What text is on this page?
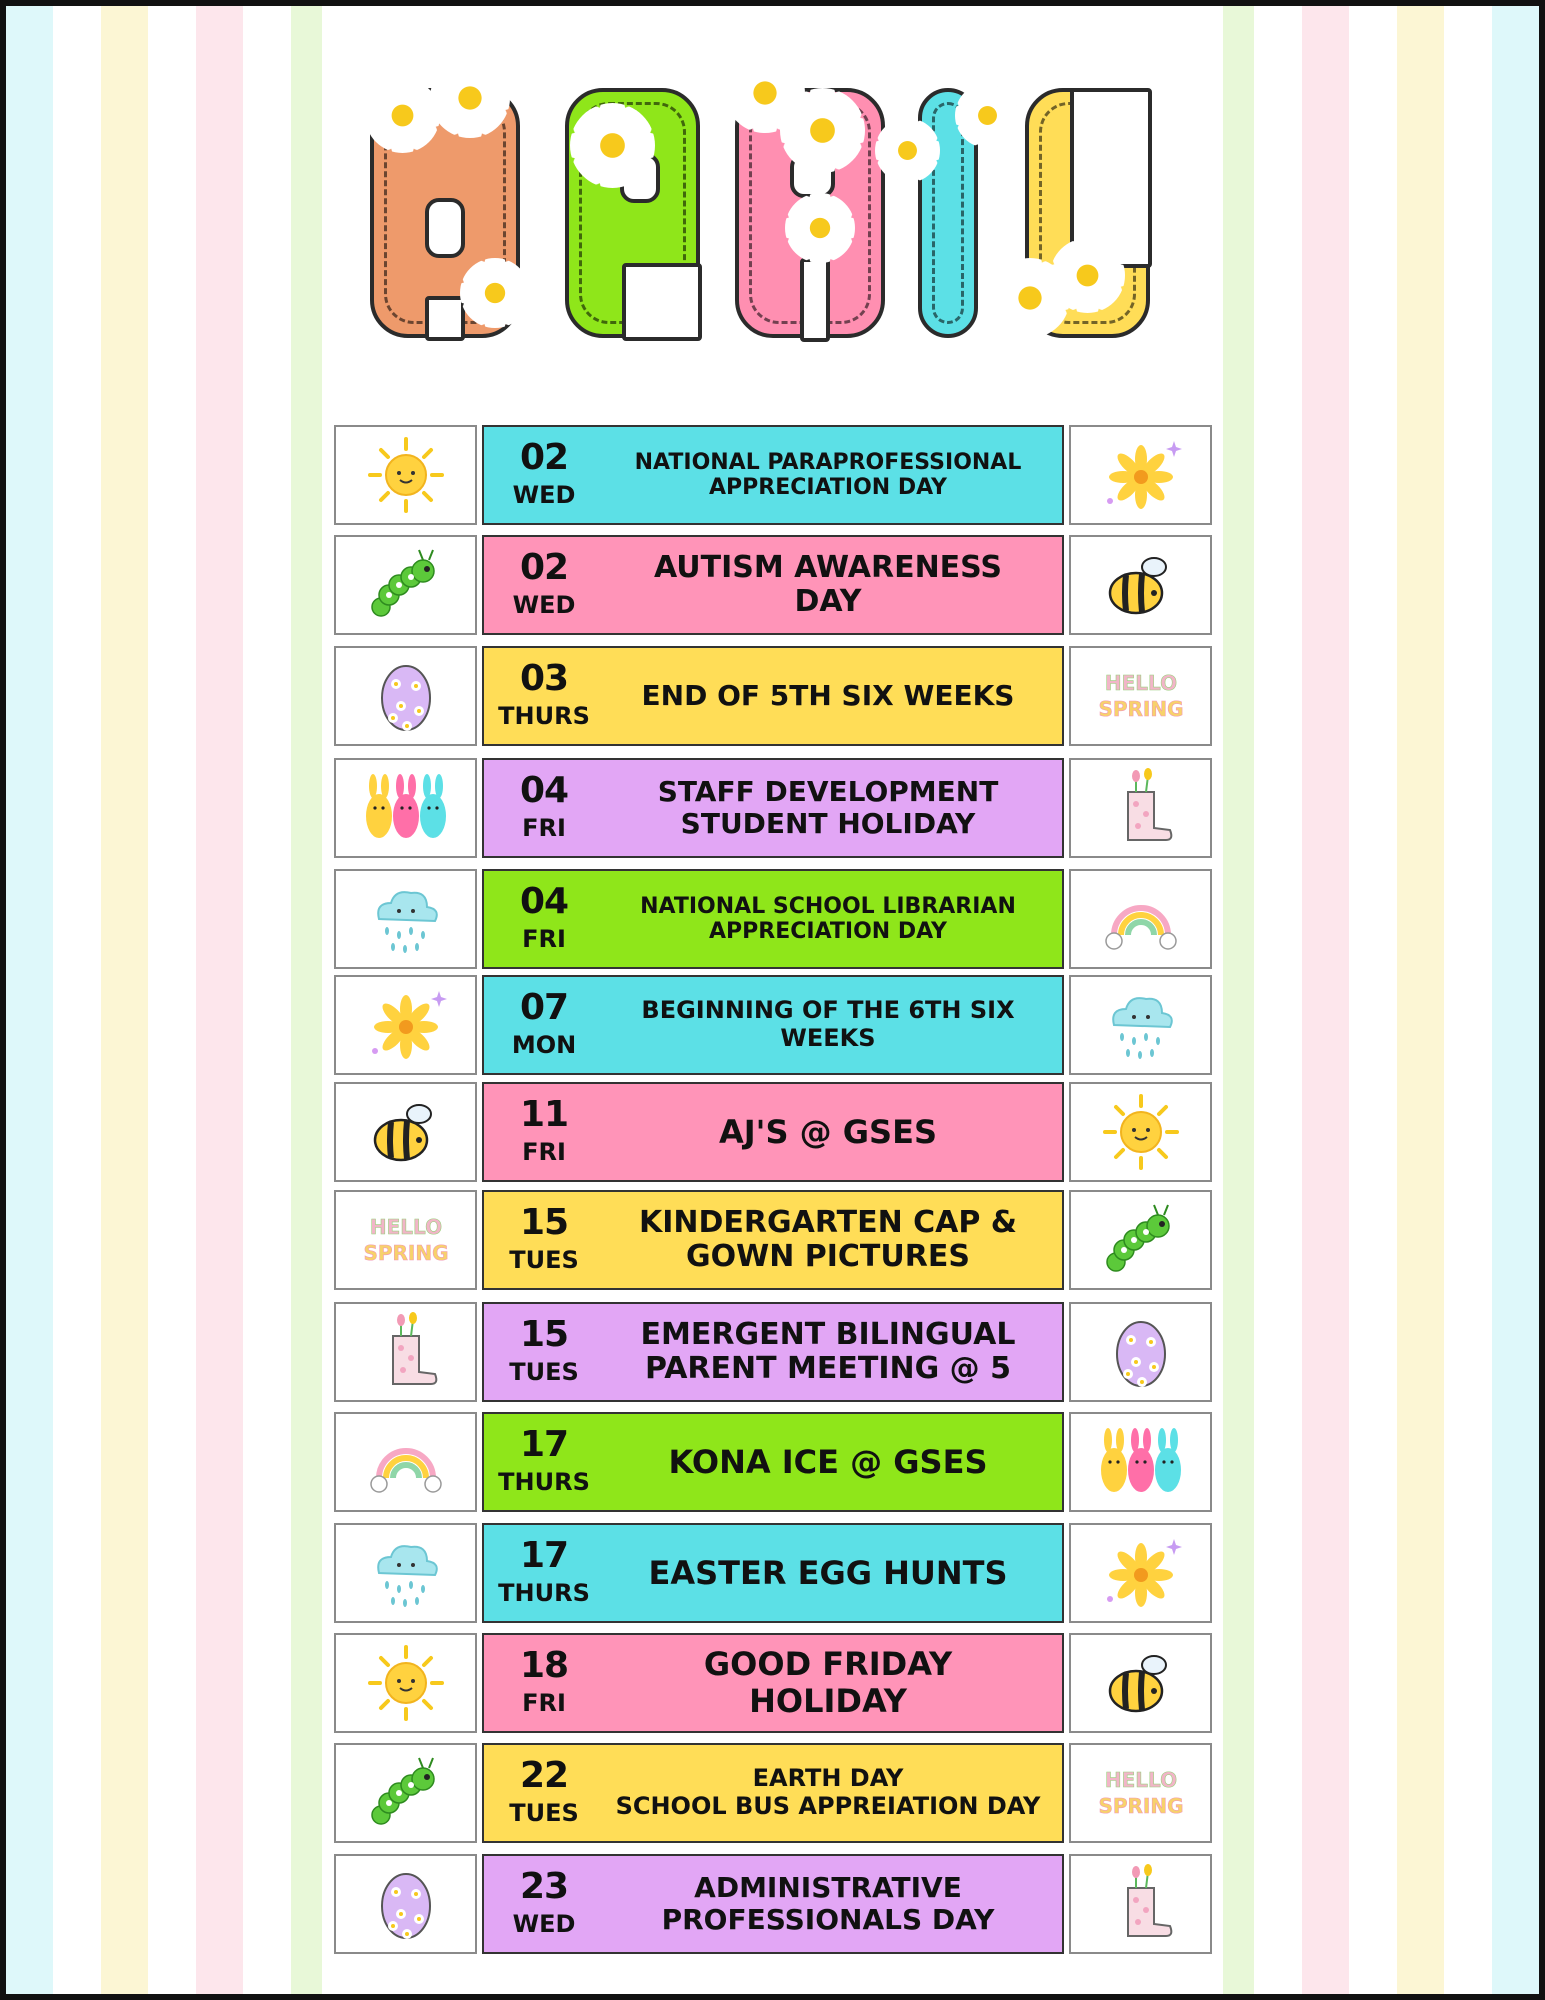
02
WED
NATIONAL PARAPROFESSIONAL
APPRECIATION DAY
02
WED
AUTISM AWARENESS
DAY
03
THURS
END OF 5TH SIX WEEKS	HELLO
SPRING
04
FRI
STAFF DEVELOPMENT
STUDENT HOLIDAY
04
FRI
NATIONAL SCHOOL LIBRARIAN
APPRECIATION DAY
07
MON
BEGINNING OF THE 6TH SIX
WEEKS
11
FRI
AJ'S @ GSES
HELLO
SPRING
15
TUES
KINDERGARTEN CAP &
GOWN PICTURES
15
TUES
EMERGENT BILINGUAL
PARENT MEETING @ 5
17
THURS
KONA ICE @ GSES
17
THURS
EASTER EGG HUNTS
18
FRI
GOOD FRIDAY
HOLIDAY
22
TUES
EARTH DAY
SCHOOL BUS APPREIATION DAY
HELLO
SPRING
23
WED
ADMINISTRATIVE
PROFESSIONALS DAY
